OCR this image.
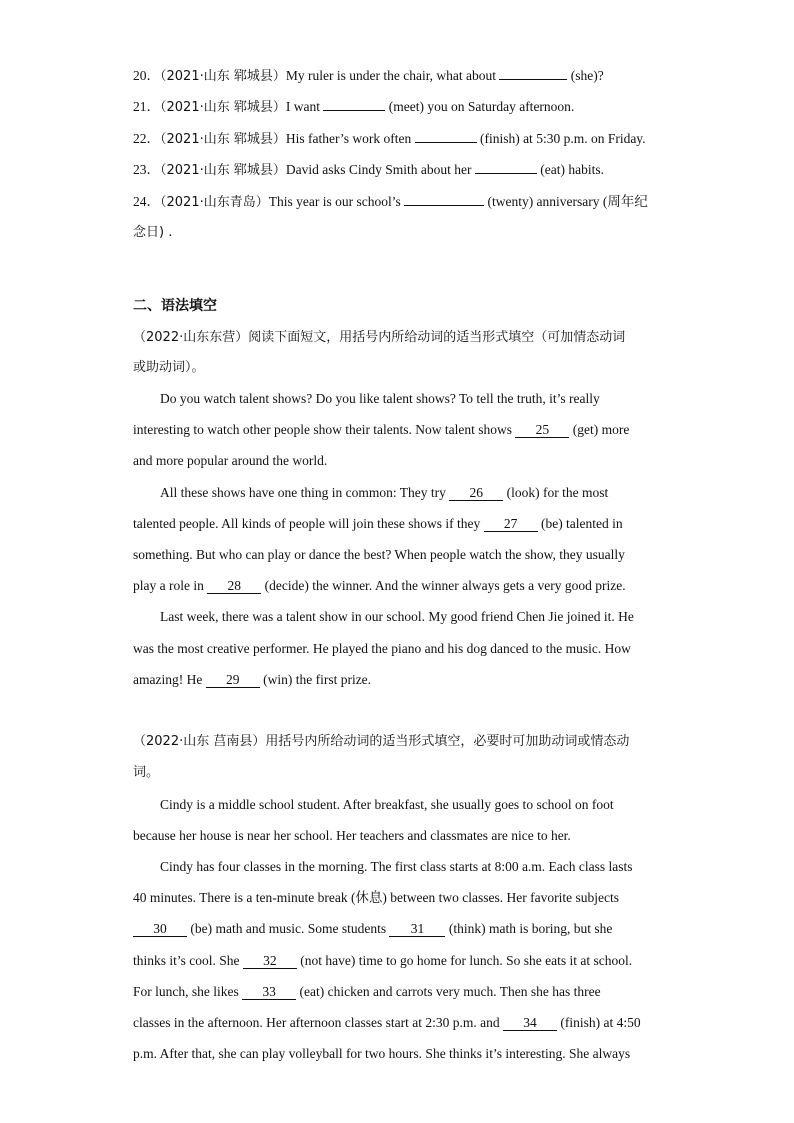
20．（2021·山东 郓城县）My ruler is under the chair, what about	(she)?
21．（2021·山东 郓城县）I want	(meet) you on Saturday afternoon.
22．（2021·山东 郓城县）His father’s work often	(finish) at 5:30 p.m. on Friday.
23．（2021·山东 郓城县）David asks Cindy Smith about her	(eat) habits.
24．（2021·山东青岛）This year is our school’s	(twenty) anniversary (周年纪
念日) .
二、语法填空
（2022·山东东营）阅读下面短文，用括号内所给动词的适当形式填空（可加情态动词
或助动词）。
Do you watch talent shows? Do you like talent shows? To tell the truth, it’s really
interesting to watch other people show their talents. Now talent shows 25 (get) more
and more popular around the world.
All these shows have one thing in common: They try 26 (look) for the most
talented people. All kinds of people will join these shows if they 27 (be) talented in
something. But who can play or dance the best? When people watch the show, they usually
play a role in 28 (decide) the winner. And the winner always gets a very good prize.
Last week, there was a talent show in our school. My good friend Chen Jie joined it. He
was the most creative performer. He played the piano and his dog danced to the music. How
amazing! He 29 (win) the first prize.
（2022·山东 莒南县）用括号内所给动词的适当形式填空，必要时可加助动词或情态动
词。
Cindy is a middle school student. After breakfast, she usually goes to school on foot
because her house is near her school. Her teachers and classmates are nice to her.
Cindy has four classes in the morning. The first class starts at 8:00 a.m. Each class lasts
40 minutes. There is a ten-minute break (休息) between two classes. Her favorite subjects
30 (be) math and music. Some students 31 (think) math is boring, but she
thinks it’s cool. She 32 (not have) time to go home for lunch. So she eats it at school.
For lunch, she likes 33 (eat) chicken and carrots very much. Then she has three
classes in the afternoon. Her afternoon classes start at 2:30 p.m. and 34 (finish) at 4:50
p.m. After that, she can play volleyball for two hours. She thinks it’s interesting. She always
